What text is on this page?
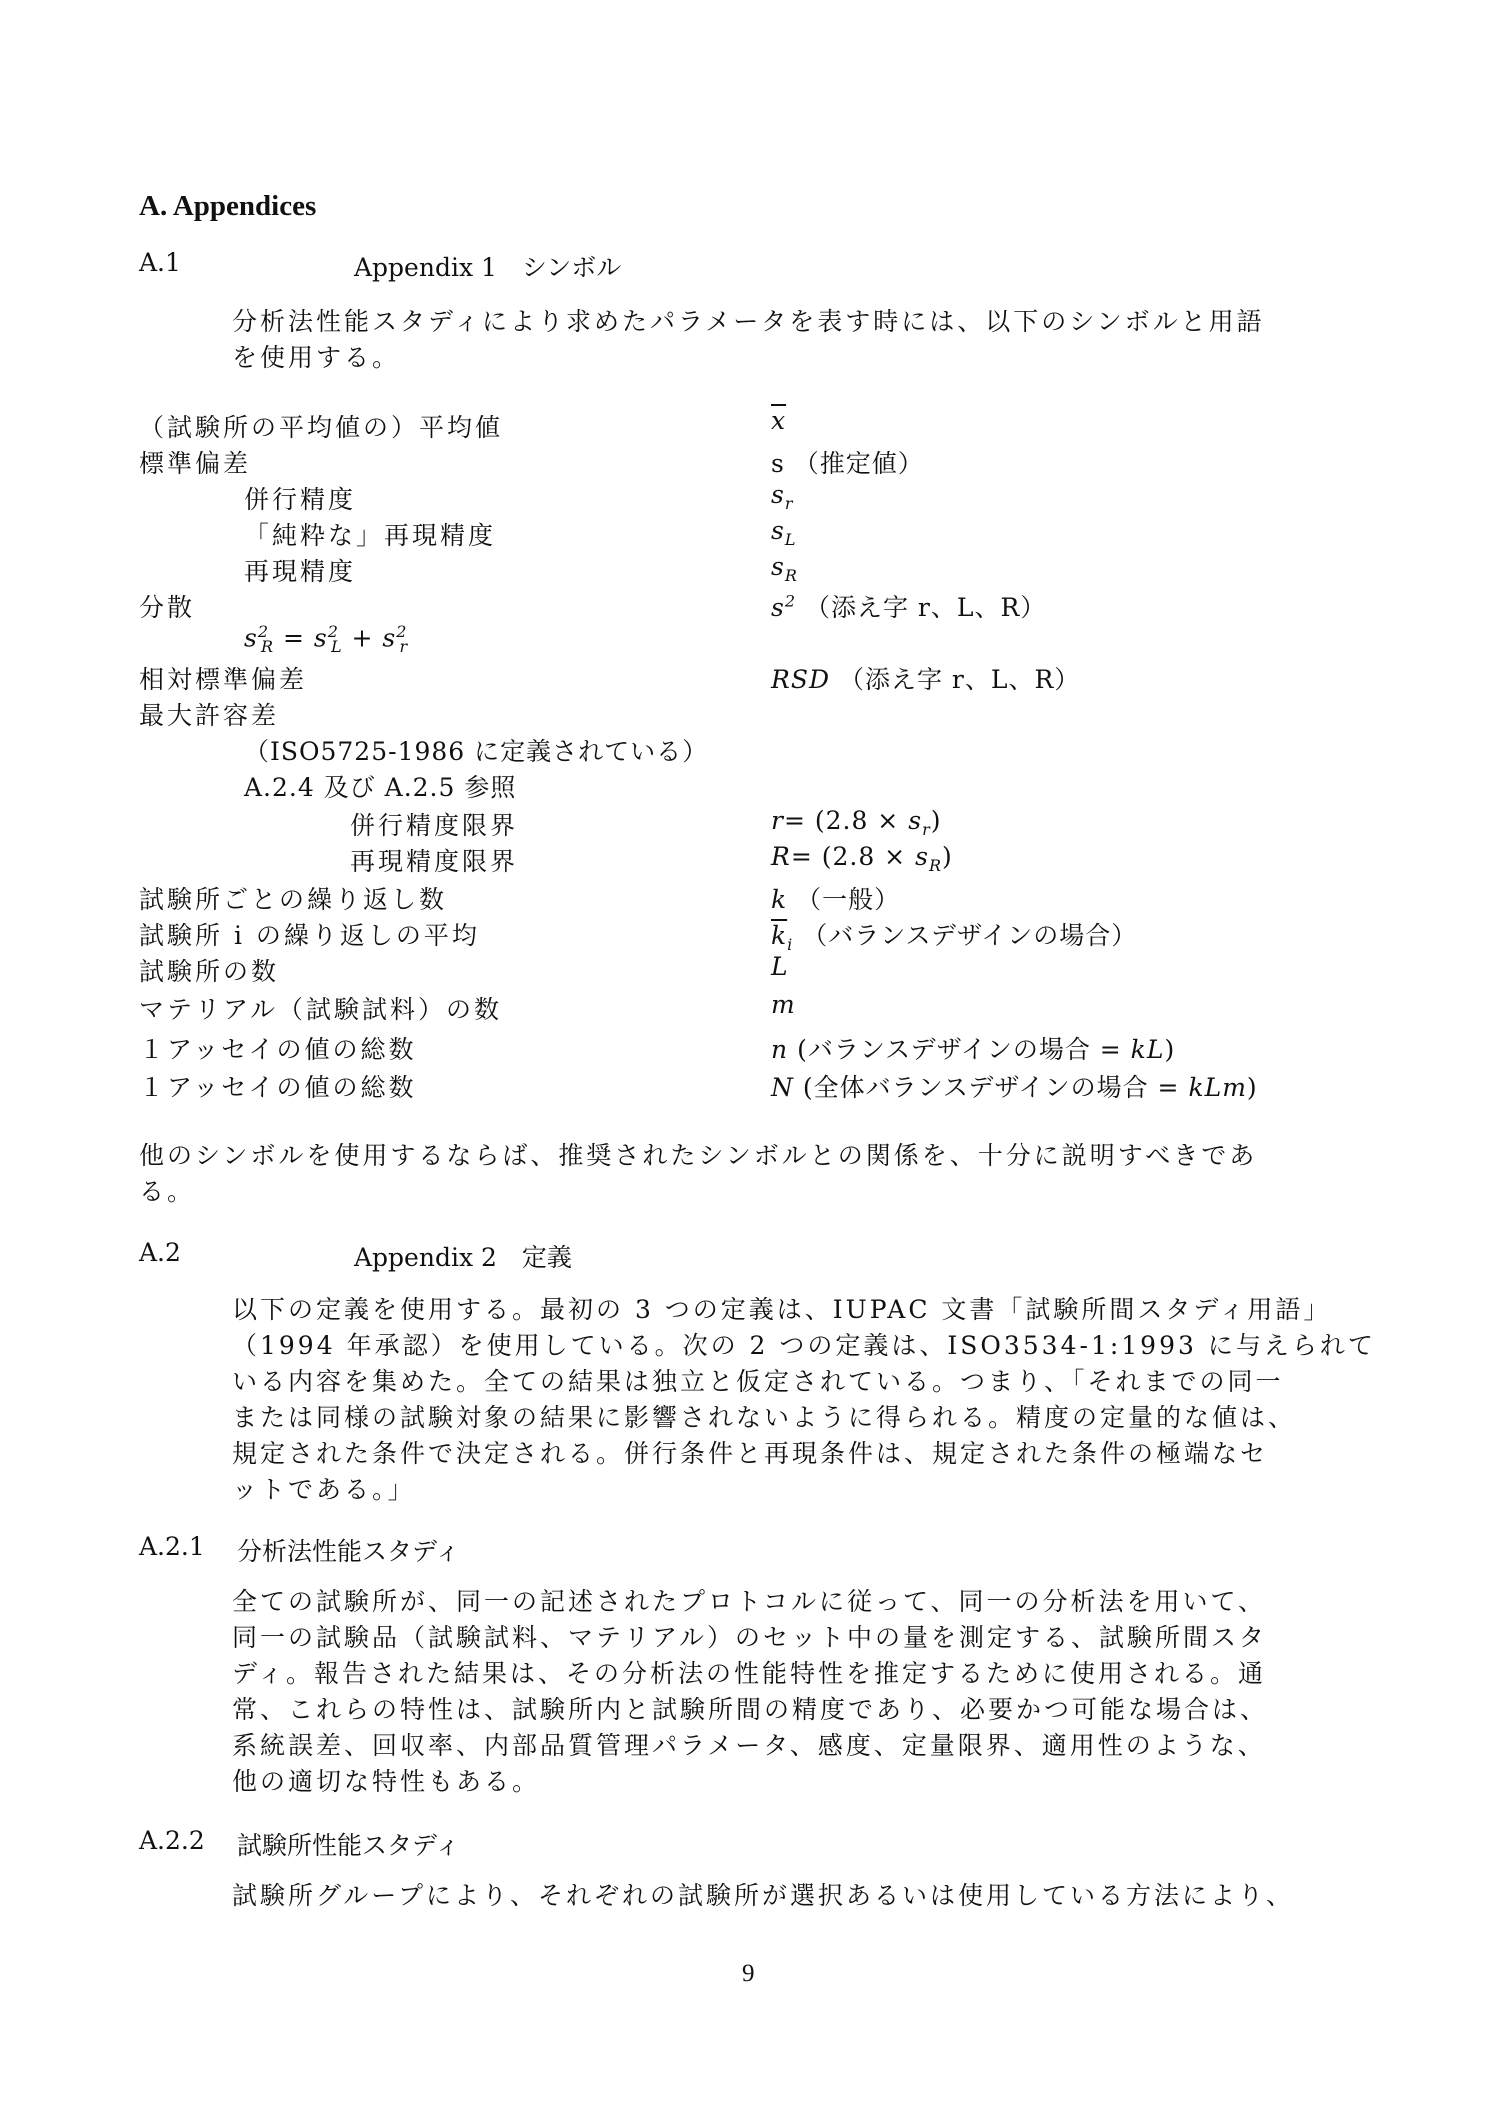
A. Appendices
A.1	Appendix 1　シンボル
分析法性能スタディにより求めたパラメータを表す時には、以下のシンボルと用語
を使用する。
（試験所の平均値の）平均値
標準偏差
併行精度
「純粋な」再現精度
再現精度
分散
$s^2_R = s^2_L + s^2_r$
相対標準偏差
最大許容差
（ISO5725-1986 に定義されている）
A.2.4 及び A.2.5 参照
併行精度限界
再現精度限界
試験所ごとの繰り返し数
試験所 i の繰り返しの平均
試験所の数
マテリアル（試験試料）の数
１アッセイの値の総数
１アッセイの値の総数
$\overline{x}$
s （推定値）
$s_r$
$s_L$
$s_R$
$s^2$ （添え字 r、L、R）
RSD （添え字 r、L、R）
$r= (2.8 \times s_r)$
$R= (2.8 \times s_R)$
k （一般）
$\overline{k}_i$ （バランスデザインの場合）
L
m
n (バランスデザインの場合 = kL)
N (全体バランスデザインの場合 = kLm)
他のシンボルを使用するならば、推奨されたシンボルとの関係を、十分に説明すべきであ
る。
A.2	Appendix 2　定義
以下の定義を使用する。最初の 3 つの定義は、IUPAC 文書「試験所間スタディ用語」
（1994 年承認）を使用している。次の 2 つの定義は、ISO3534-1:1993 に与えられて
いる内容を集めた。全ての結果は独立と仮定されている。つまり、「それまでの同一
または同様の試験対象の結果に影響されないように得られる。精度の定量的な値は、
規定された条件で決定される。併行条件と再現条件は、規定された条件の極端なセ
ットである。」
A.2.1 分析法性能スタディ
全ての試験所が、同一の記述されたプロトコルに従って、同一の分析法を用いて、
同一の試験品（試験試料、マテリアル）のセット中の量を測定する、試験所間スタ
ディ。報告された結果は、その分析法の性能特性を推定するために使用される。通
常、これらの特性は、試験所内と試験所間の精度であり、必要かつ可能な場合は、
系統誤差、回収率、内部品質管理パラメータ、感度、定量限界、適用性のような、
他の適切な特性もある。
A.2.2 試験所性能スタディ
試験所グループにより、それぞれの試験所が選択あるいは使用している方法により、
9
